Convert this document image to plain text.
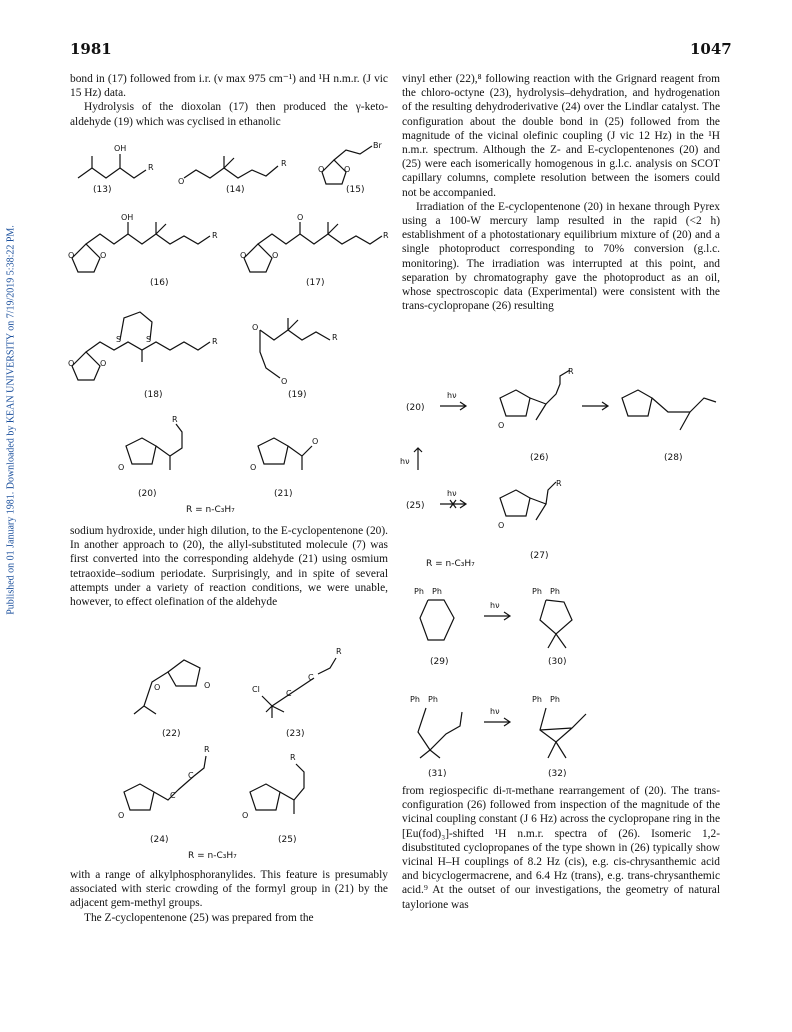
1981	1047
Published on 01 January 1981. Downloaded by KEAN UNIVERSITY on 7/19/2019 5:38:22 PM.

bond in (17) followed from i.r. (ν max 975 cm⁻¹) and ¹H n.m.r. (J vic 15 Hz) data.

Hydrolysis of the dioxolan (17) then produced the γ-keto-aldehyde (19) which was cyclised in ethanolic

sodium hydroxide, under high dilution, to the E-cyclopentenone (20). In another approach to (20), the allyl-substituted molecule (7) was first converted into the corresponding aldehyde (21) using osmium tetraoxide–sodium periodate. Surprisingly, and in spite of several attempts under a variety of reaction conditions, we were unable, however, to effect olefination of the aldehyde

with a range of alkylphosphoranylides. This feature is presumably associated with steric crowding of the formyl group in (21) by the adjacent gem-methyl groups.

The Z-cyclopentenone (25) was prepared from the

vinyl ether (22),⁸ following reaction with the Grignard reagent from the chloro-octyne (23), hydrolysis–dehydration, and hydrogenation of the resulting dehydroderivative (24) over the Lindlar catalyst. The configuration about the double bond in (25) followed from the magnitude of the vicinal olefinic coupling (J vic 12 Hz) in the ¹H n.m.r. spectrum. Although the Z- and E-cyclopentenones (20) and (25) were each isomerically homogenous in g.l.c. analysis on SCOT capillary columns, complete resolution between the isomers could not be accompanied.

Irradiation of the E-cyclopentenone (20) in hexane through Pyrex using a 100-W mercury lamp resulted in the rapid (<2 h) establishment of a photostationary equilibrium mixture of (20) and a single photoproduct corresponding to 70% conversion (g.l.c. monitoring). The irradiation was interrupted at this point, and separation by chromatography gave the photoproduct as an oil, whose spectroscopic data (Experimental) were consistent with the trans-cyclopropane (26) resulting

from regiospecific di-π-methane rearrangement of (20). The trans-configuration (26) followed from inspection of the magnitude of the vicinal coupling constant (J 6 Hz) across the cyclopropane ring in the [Eu(fod)₃]-shifted ¹H n.m.r. spectra of (26). Isomeric 1,2-disubstituted cyclopropanes of the type shown in (26) typically show vicinal H–H couplings of 8.2 Hz (cis), e.g. cis-chrysanthemic acid and bicyclogermacrene, and 6.4 Hz (trans), e.g. trans-chrysanthemic acid.⁹ At the outset of our investigations, the geometry of natural taylorione was

OH
R
(13)
O
R
(14)
Br
O O
(15)
OH
O	O
R
(16)
O
O	O
R
(17)
S	S
O	O
R
(18)
O
O
R
(19)
O
R
(20)
O
O
(21)
R = n-C₃H₇
O
O
(22)
Cl	C
C
R
(23)
O
C
C
R
(24)
O
R
(25)
R = n-C₃H₇
(20)
hν
O
R
(26)	(28)
hν
(25)
hν
R
O
(27)
R = n-C₃H₇
Ph Ph
(29)
hν
Ph Ph
(30)
Ph Ph
(31)
hν
Ph Ph
(32)
